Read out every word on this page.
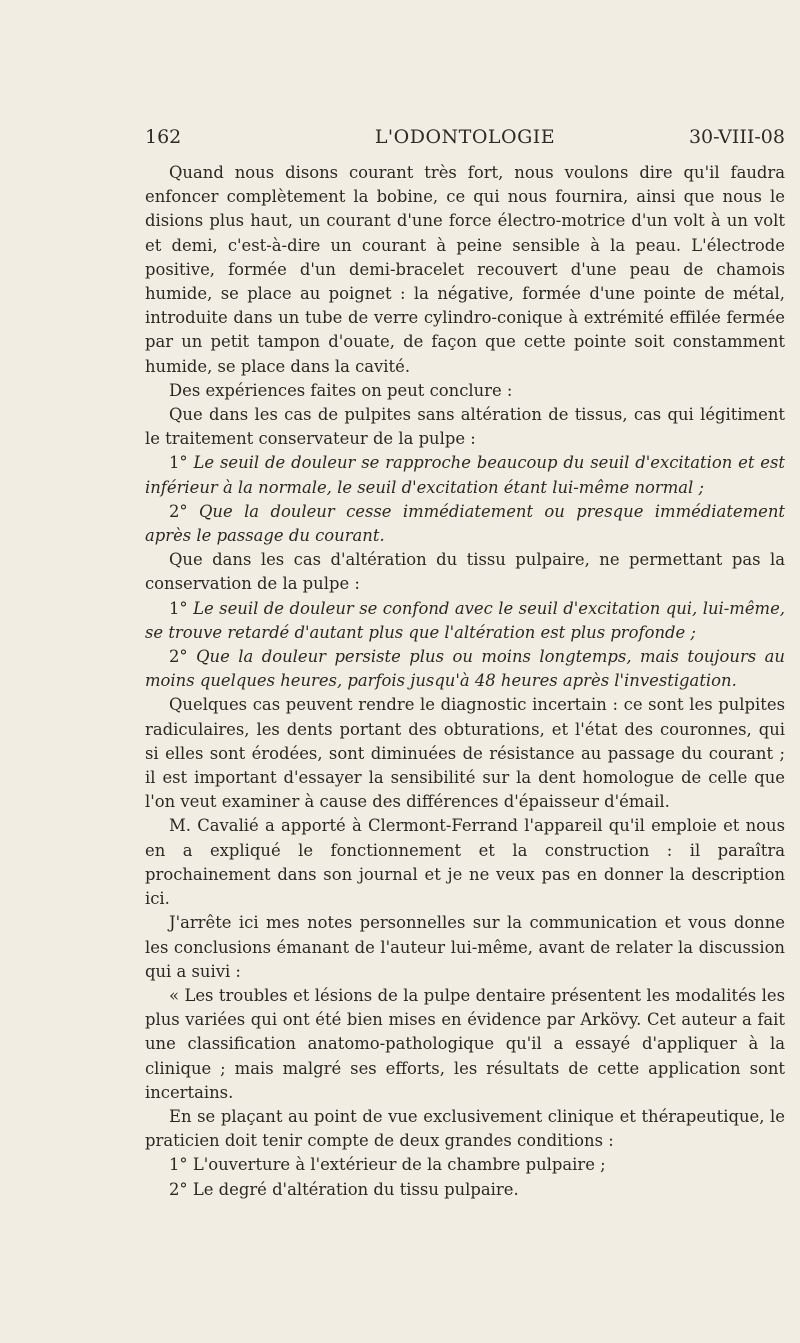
162	L'ODONTOLOGIE	30-VIII-08

Quand nous disons courant très fort, nous voulons dire qu'il faudra enfoncer complètement la bobine, ce qui nous fournira, ainsi que nous le disions plus haut, un courant d'une force électro-motrice d'un volt à un volt et demi, c'est-à-dire un courant à peine sensible à la peau. L'électrode positive, formée d'un demi-bracelet recouvert d'une peau de chamois humide, se place au poignet : la négative, formée d'une pointe de métal, introduite dans un tube de verre cylindro-conique à extrémité effilée fermée par un petit tampon d'ouate, de façon que cette pointe soit constamment humide, se place dans la cavité.

Des expériences faites on peut conclure :

Que dans les cas de pulpites sans altération de tissus, cas qui légitiment le traitement conservateur de la pulpe :

1° Le seuil de douleur se rapproche beaucoup du seuil d'excitation et est inférieur à la normale, le seuil d'excitation étant lui-même normal ;

2° Que la douleur cesse immédiatement ou presque immédiatement après le passage du courant.

Que dans les cas d'altération du tissu pulpaire, ne permettant pas la conservation de la pulpe :

1° Le seuil de douleur se confond avec le seuil d'excitation qui, lui-même, se trouve retardé d'autant plus que l'altération est plus profonde ;

2° Que la douleur persiste plus ou moins longtemps, mais toujours au moins quelques heures, parfois jusqu'à 48 heures après l'investigation.

Quelques cas peuvent rendre le diagnostic incertain : ce sont les pulpites radiculaires, les dents portant des obturations, et l'état des couronnes, qui si elles sont érodées, sont diminuées de résistance au passage du courant ; il est important d'essayer la sensibilité sur la dent homologue de celle que l'on veut examiner à cause des différences d'épaisseur d'émail.

M. Cavalié a apporté à Clermont-Ferrand l'appareil qu'il emploie et nous en a expliqué le fonctionnement et la construction : il paraîtra prochainement dans son journal et je ne veux pas en donner la description ici.

J'arrête ici mes notes personnelles sur la communication et vous donne les conclusions émanant de l'auteur lui-même, avant de relater la discussion qui a suivi :

« Les troubles et lésions de la pulpe dentaire présentent les modalités les plus variées qui ont été bien mises en évidence par Arkövy. Cet auteur a fait une classification anatomo-pathologique qu'il a essayé d'appliquer à la clinique ; mais malgré ses efforts, les résultats de cette application sont incertains.

En se plaçant au point de vue exclusivement clinique et thérapeutique, le praticien doit tenir compte de deux grandes conditions :

1° L'ouverture à l'extérieur de la chambre pulpaire ;

2° Le degré d'altération du tissu pulpaire.
